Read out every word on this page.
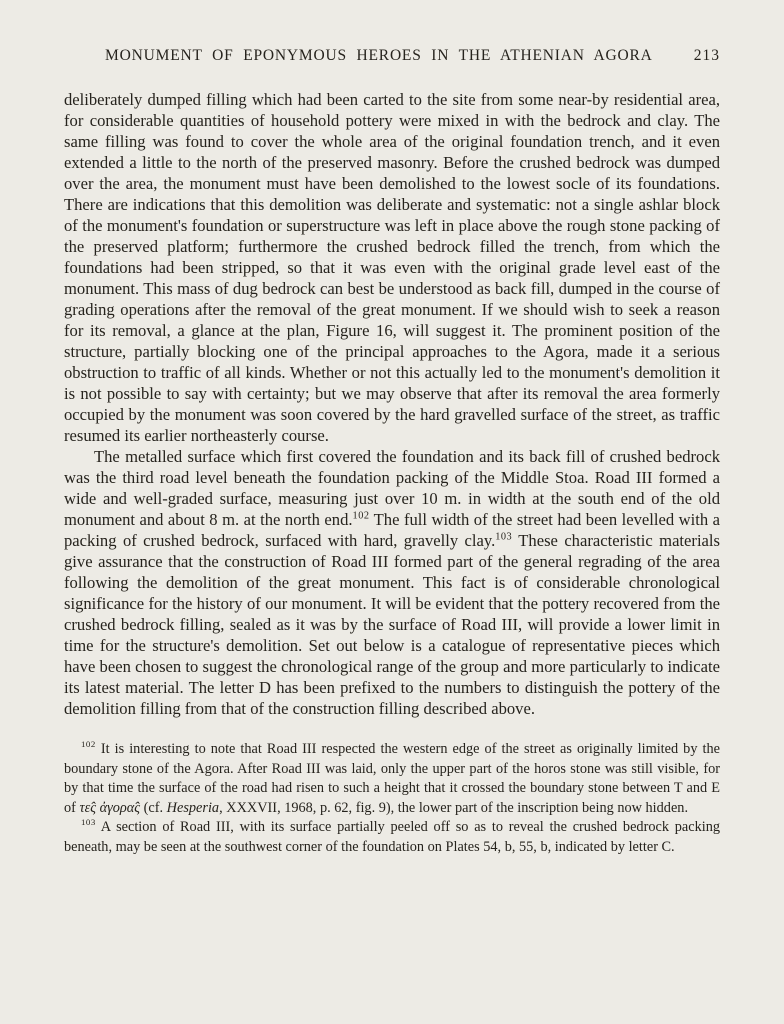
MONUMENT OF EPONYMOUS HEROES IN THE ATHENIAN AGORA	213

deliberately dumped filling which had been carted to the site from some near-by residential area, for considerable quantities of household pottery were mixed in with the bedrock and clay. The same filling was found to cover the whole area of the original foundation trench, and it even extended a little to the north of the preserved masonry. Before the crushed bedrock was dumped over the area, the monument must have been demolished to the lowest socle of its foundations. There are indications that this demolition was deliberate and systematic: not a single ashlar block of the monument's foundation or superstructure was left in place above the rough stone packing of the preserved platform; furthermore the crushed bedrock filled the trench, from which the foundations had been stripped, so that it was even with the original grade level east of the monument. This mass of dug bedrock can best be understood as back fill, dumped in the course of grading operations after the removal of the great monument. If we should wish to seek a reason for its removal, a glance at the plan, Figure 16, will suggest it. The prominent position of the structure, partially blocking one of the principal approaches to the Agora, made it a serious obstruction to traffic of all kinds. Whether or not this actually led to the monument's demolition it is not possible to say with certainty; but we may observe that after its removal the area formerly occupied by the monument was soon covered by the hard gravelled surface of the street, as traffic resumed its earlier northeasterly course.

The metalled surface which first covered the foundation and its back fill of crushed bedrock was the third road level beneath the foundation packing of the Middle Stoa. Road III formed a wide and well-graded surface, measuring just over 10 m. in width at the south end of the old monument and about 8 m. at the north end.$^{102}$ The full width of the street had been levelled with a packing of crushed bedrock, surfaced with hard, gravelly clay.$^{103}$ These characteristic materials give assurance that the construction of Road III formed part of the general regrading of the area following the demolition of the great monument. This fact is of considerable chronological significance for the history of our monument. It will be evident that the pottery recovered from the crushed bedrock filling, sealed as it was by the surface of Road III, will provide a lower limit in time for the structure's demolition. Set out below is a catalogue of representative pieces which have been chosen to suggest the chronological range of the group and more particularly to indicate its latest material. The letter D has been prefixed to the numbers to distinguish the pottery of the demolition filling from that of the construction filling described above.

$^{102}$ It is interesting to note that Road III respected the western edge of the street as originally limited by the boundary stone of the Agora. After Road III was laid, only the upper part of the horos stone was still visible, for by that time the surface of the road had risen to such a height that it crossed the boundary stone between T and E of τε̂ς ἀγορα̂ς (cf. Hesperia, XXXVII, 1968, p. 62, fig. 9), the lower part of the inscription being now hidden.

$^{103}$ A section of Road III, with its surface partially peeled off so as to reveal the crushed bedrock packing beneath, may be seen at the southwest corner of the foundation on Plates 54, b, 55, b, indicated by letter C.
